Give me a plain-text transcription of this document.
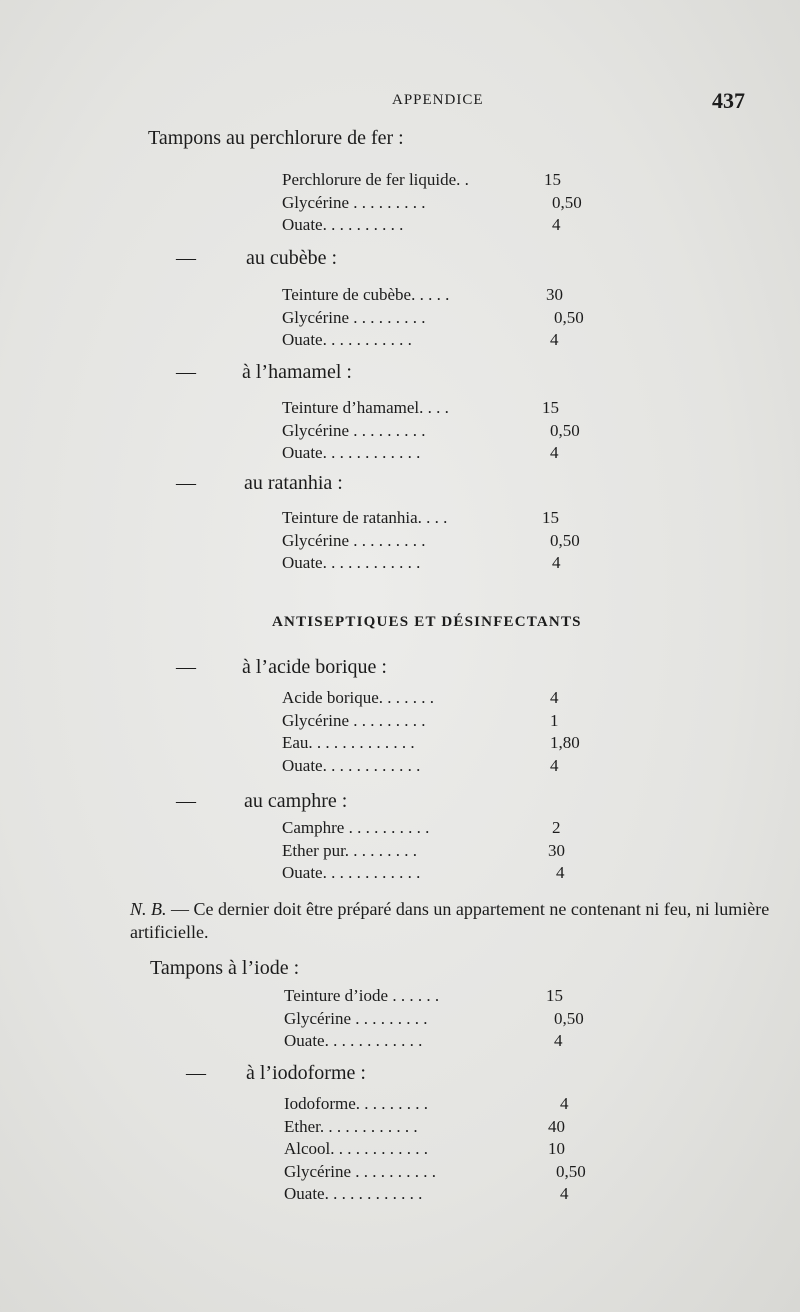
APPENDICE	437
Tampons au perchlorure de fer :
Perchlorure de fer liquide. .	15
Glycérine . . . . . . . . .	0,50
Ouate. . . . . . . . . .	4
—	au cubèbe :
Teinture de cubèbe. . . . .	30
Glycérine . . . . . . . . .	0,50
Ouate. . . . . . . . . . .	4
— à l’hamamel :
Teinture d’hamamel. . . .	15
Glycérine . . . . . . . . .	0,50
Ouate. . . . . . . . . . . .	4
— au ratanhia :
Teinture de ratanhia. . . .	15
Glycérine . . . . . . . . .	0,50
Ouate. . . . . . . . . . . .	4
ANTISEPTIQUES ET DÉSINFECTANTS
— à l’acide borique :
Acide borique. . . . . . .	4
Glycérine . . . . . . . . .	1
Eau. . . . . . . . . . . . .	1,80
Ouate. . . . . . . . . . . .	4
— au camphre :
Camphre . . . . . . . . . .	2
Ether pur. . . . . . . . .	30
Ouate. . . . . . . . . . . .	4
N. B. — Ce dernier doit être préparé dans un appartement ne contenant ni feu, ni lumière artificielle.
Tampons à l’iode :
Teinture d’iode . . . . . .	15
Glycérine . . . . . . . . .	0,50
Ouate. . . . . . . . . . . .	4
— à l’iodoforme :
Iodoforme. . . . . . . . .	4
Ether. . . . . . . . . . . .	40
Alcool. . . . . . . . . . . .	10
Glycérine . . . . . . . . . .	0,50
Ouate. . . . . . . . . . . .	4
